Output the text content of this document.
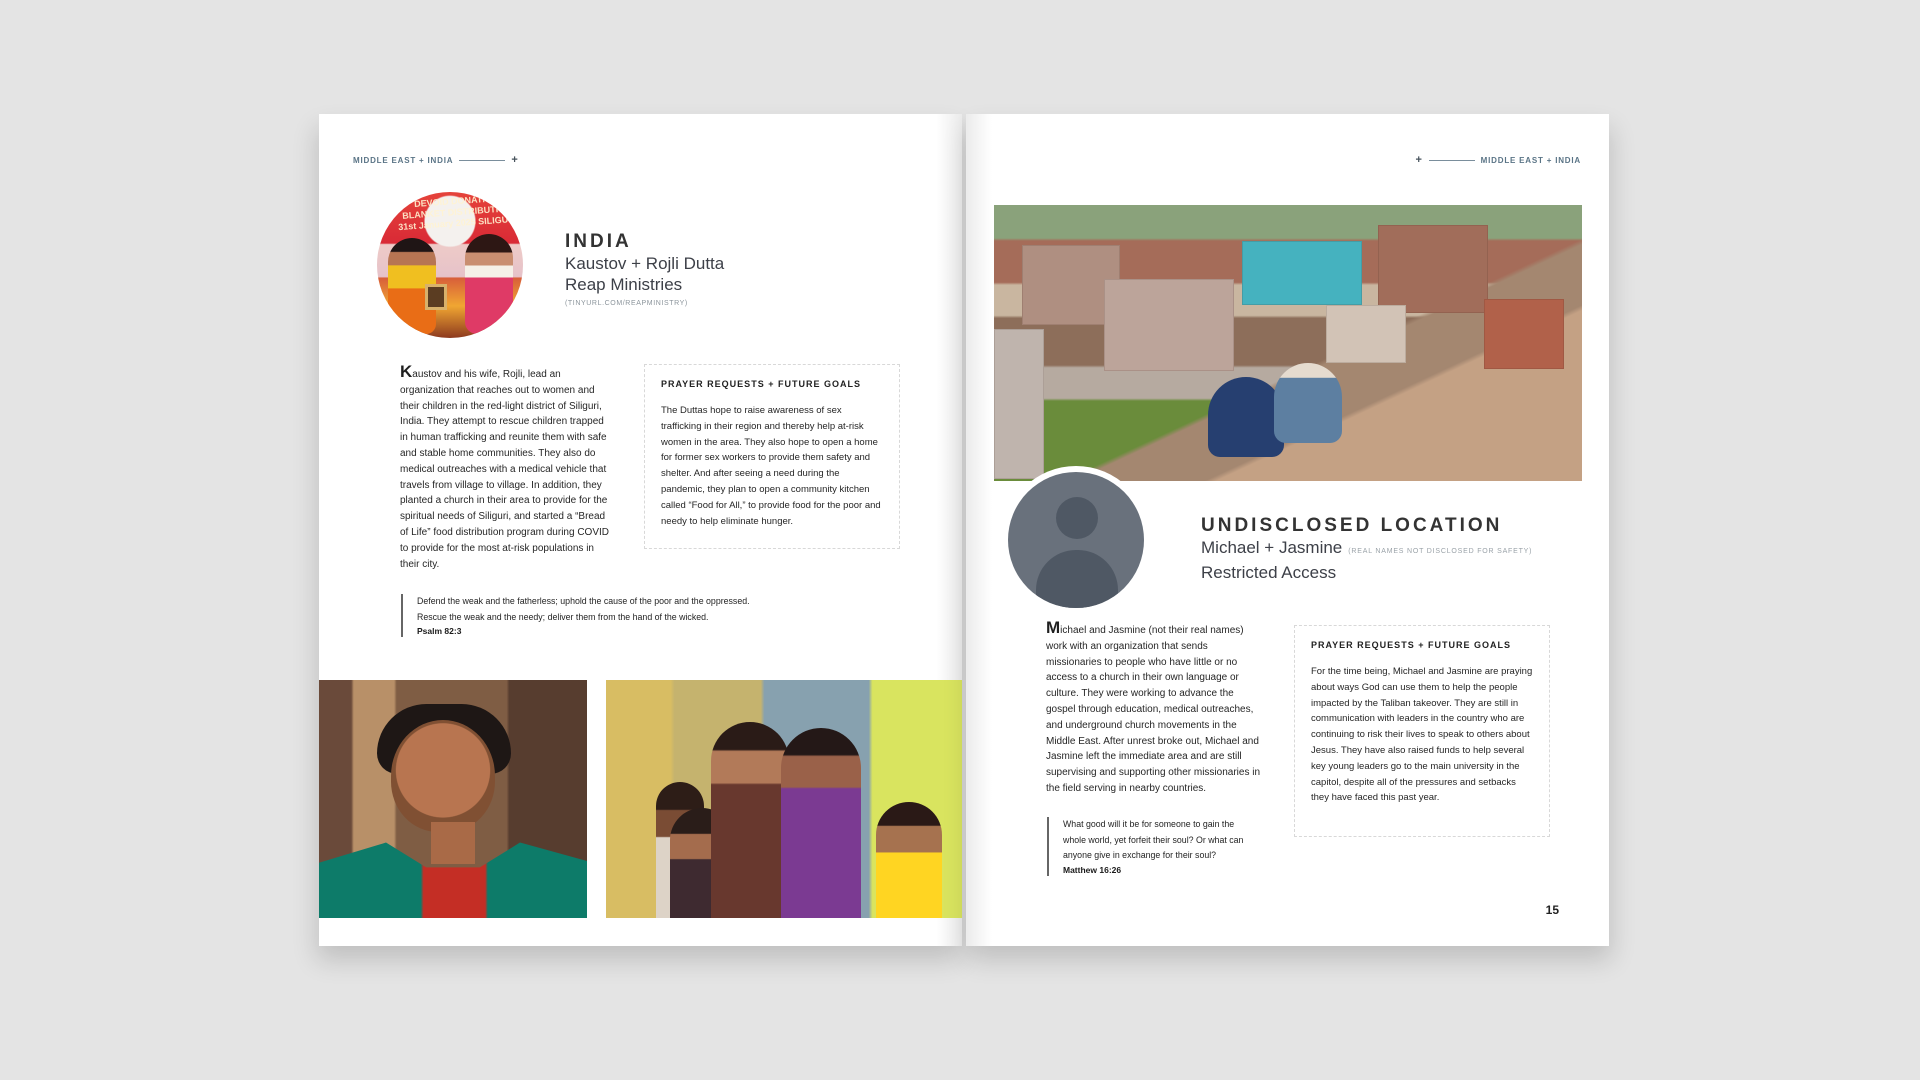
MIDDLE EAST + INDIA	+
DEVOID DONATION BLANKET DISTRIBUTION 31st January 2025 SILIGURI
INDIA
Kaustov + Rojli Dutta
Reap Ministries
(TINYURL.COM/REAPMINISTRY)
Kaustov and his wife, Rojli, lead an organization that reaches out to women and their children in the red-light district of Siliguri, India. They attempt to rescue children trapped in human trafficking and reunite them with safe and stable home communities. They also do medical outreaches with a medical vehicle that travels from village to village. In addition, they planted a church in their area to provide for the spiritual needs of Siliguri, and started a “Bread of Life” food distribution program during COVID to provide for the most at-risk populations in their city.
PRAYER REQUESTS + FUTURE GOALS
The Duttas hope to raise awareness of sex trafficking in their region and thereby help at-risk women in the area. They also hope to open a home for former sex workers to provide them safety and shelter. And after seeing a need during the pandemic, they plan to open a community kitchen called “Food for All,” to provide food for the poor and needy to help eliminate hunger.
Defend the weak and the fatherless; uphold the cause of the poor and the oppressed.
Rescue the weak and the needy; deliver them from the hand of the wicked.
Psalm 82:3
+	MIDDLE EAST + INDIA
UNDISCLOSED LOCATION
Michael + Jasmine (REAL NAMES NOT DISCLOSED FOR SAFETY)
Restricted Access
Michael and Jasmine (not their real names) work with an organization that sends missionaries to people who have little or no access to a church in their own language or culture. They were working to advance the gospel through education, medical outreaches, and underground church movements in the Middle East. After unrest broke out, Michael and Jasmine left the immediate area and are still supervising and supporting other missionaries in the field serving in nearby countries.
PRAYER REQUESTS + FUTURE GOALS
For the time being, Michael and Jasmine are praying about ways God can use them to help the people impacted by the Taliban takeover. They are still in communication with leaders in the country who are continuing to risk their lives to speak to others about Jesus. They have also raised funds to help several key young leaders go to the main university in the capitol, despite all of the pressures and setbacks they have faced this past year.
What good will it be for someone to gain the whole world, yet forfeit their soul? Or what can anyone give in exchange for their soul?
Matthew 16:26
15
